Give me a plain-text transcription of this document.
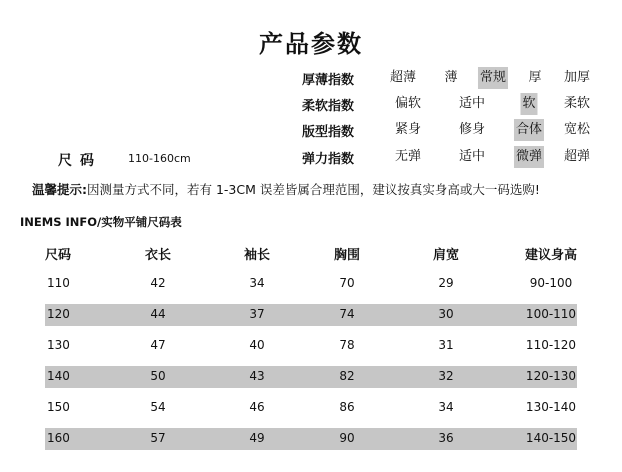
产品参数
厚薄指数	超薄 薄 常规 厚 加厚
柔软指数	偏软	适中	软 柔软
版型指数	紧身	修身 合体 宽松
弹力指数	无弹	适中 微弹 超弹
尺码 110-160cm
温馨提示:因测量方式不同，若有 1-3CM 误差皆属合理范围，建议按真实身高或大一码选购!
INEMS INFO/实物平铺尺码表
尺码	衣长	袖长	胸围	肩宽	建议身高
110	42	34	70	29	90-100
120	44	37	74	30	100-110
130	47	40	78	31	110-120
140	50	43	82	32	120-130
150	54	46	86	34	130-140
160	57	49	90	36	140-150
